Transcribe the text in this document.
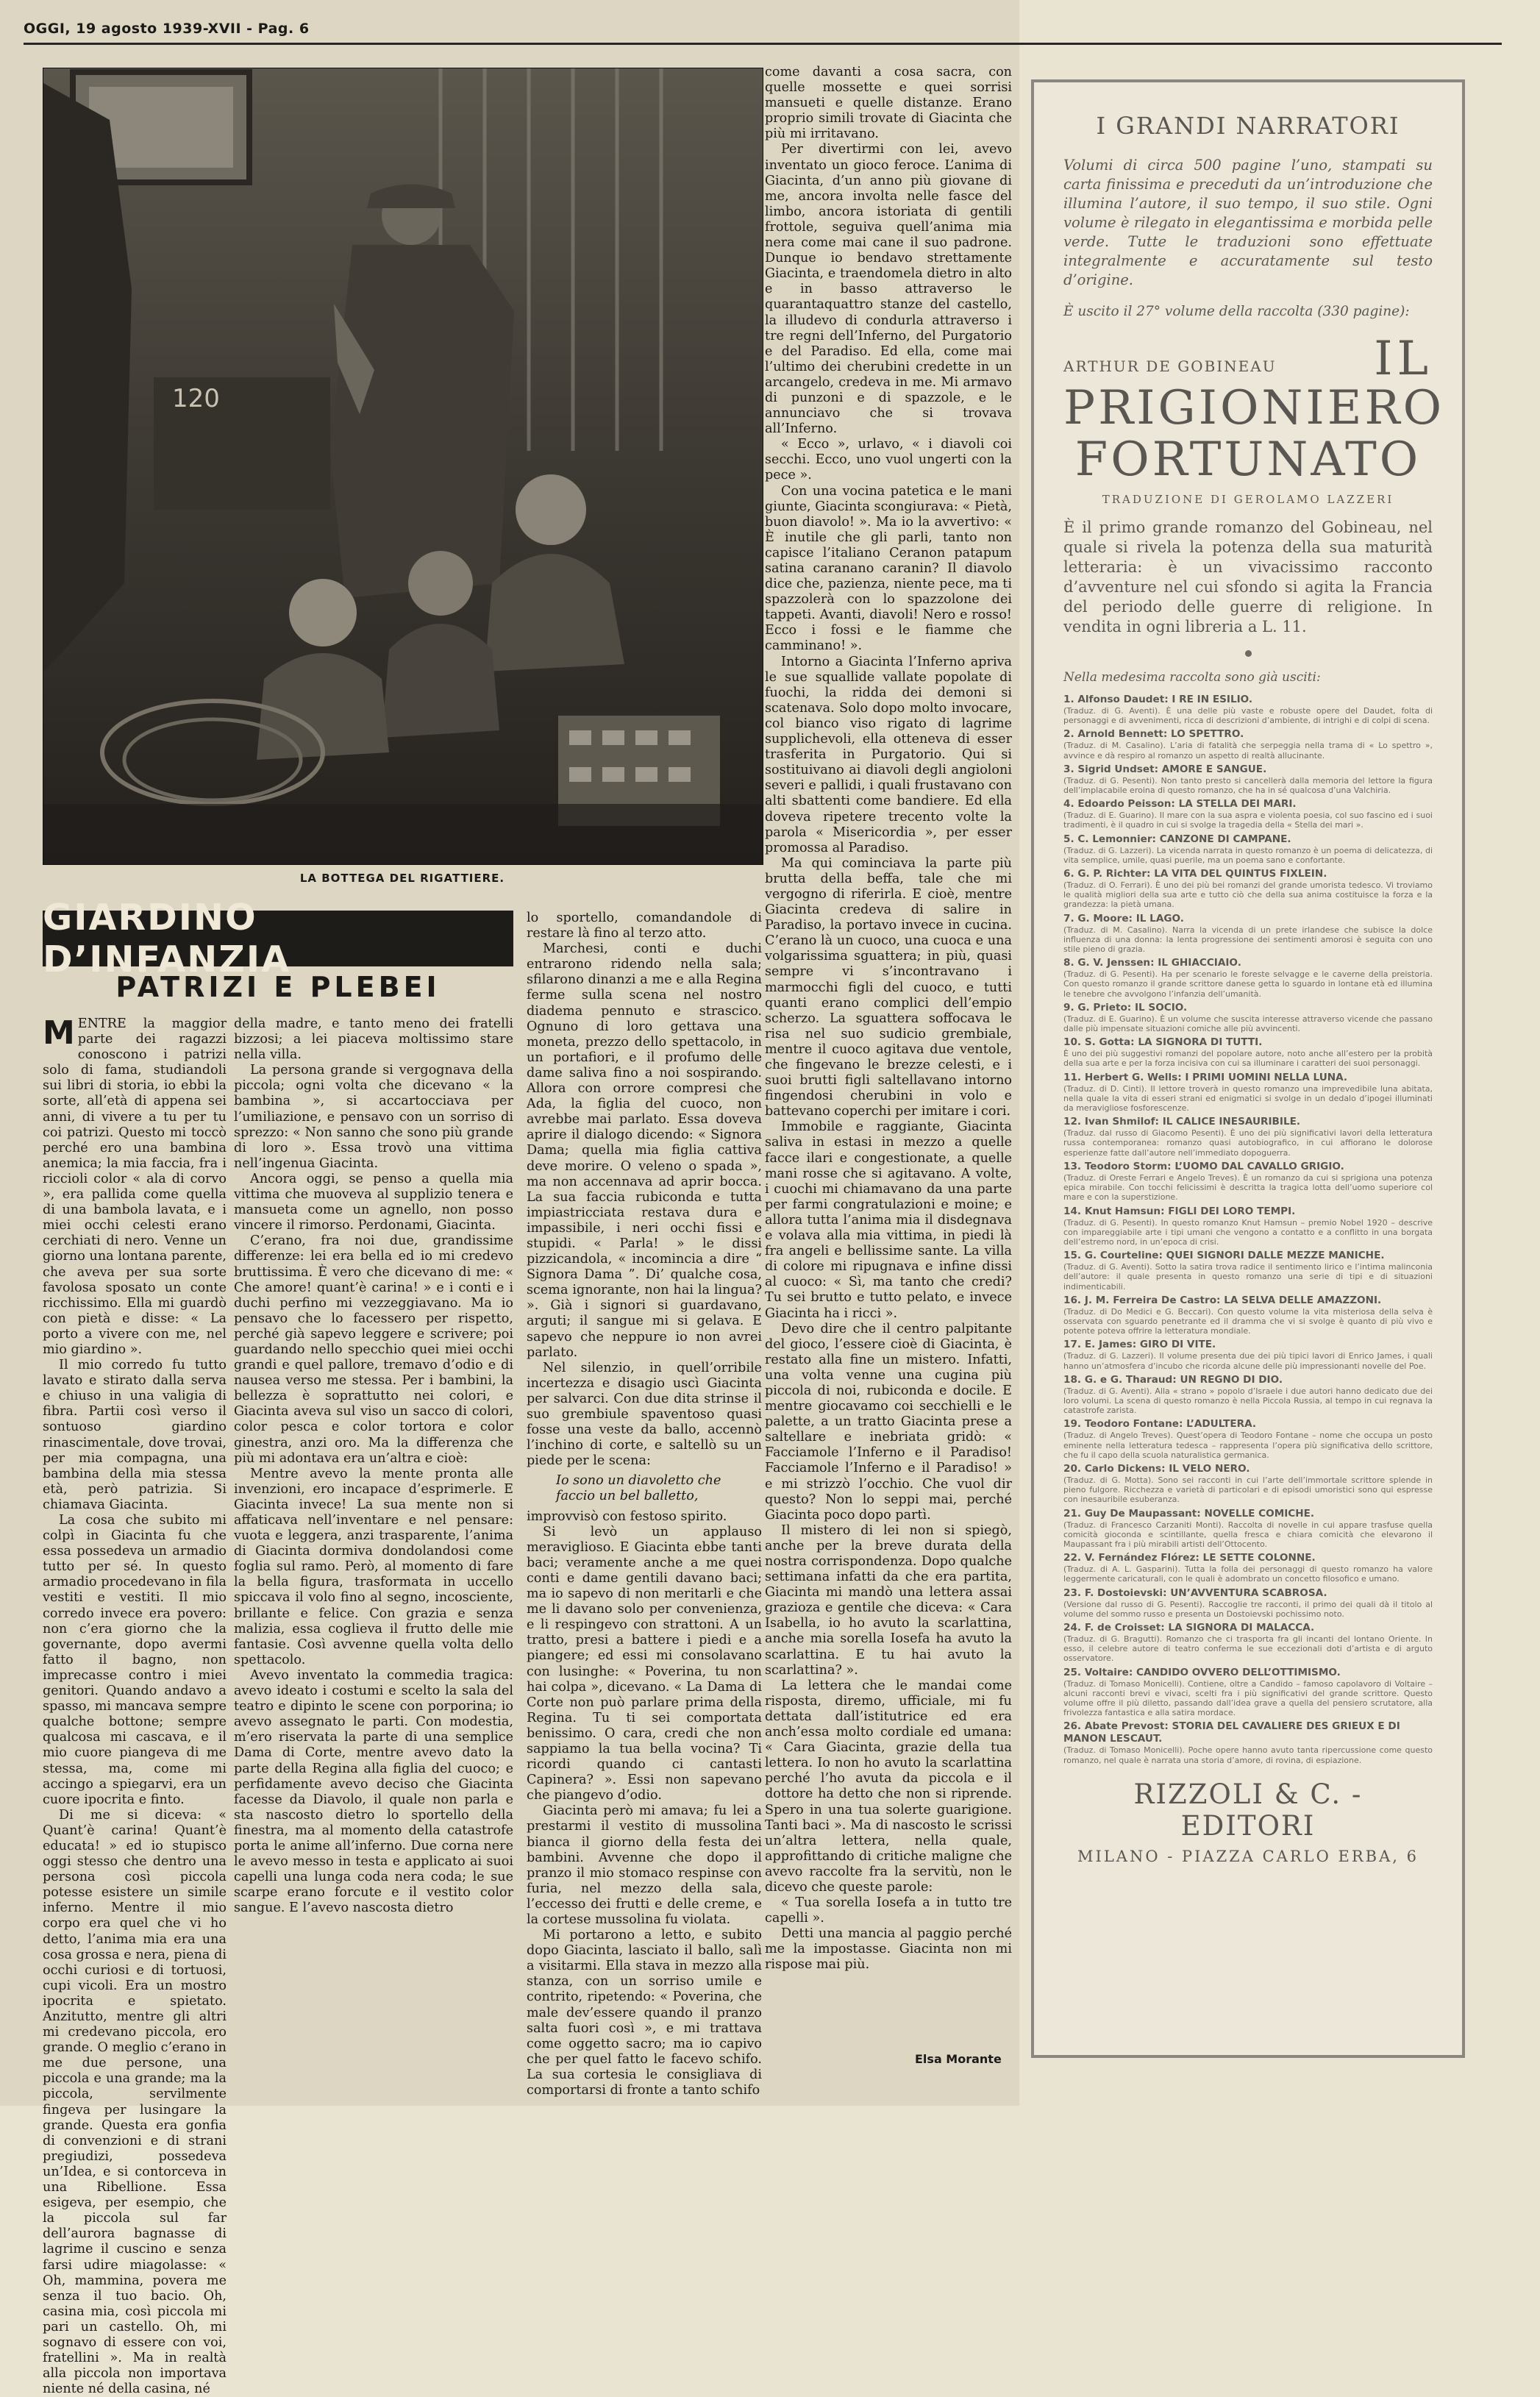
OGGI, 19 agosto 1939-XVII - Pag. 6
120
LA BOTTEGA DEL RIGATTIERE.
GIARDINO D’INFANZIA
PATRIZI E PLEBEI

MENTRE la maggior parte dei ragazzi conoscono i patrizi solo di fama, studiandoli sui libri di storia, io ebbi la sorte, all’età di appena sei anni, di vivere a tu per tu coi patrizi. Questo mi toccò perché ero una bambina anemica; la mia faccia, fra i riccioli color « ala di corvo », era pallida come quella di una bambola lavata, e i miei occhi celesti erano cerchiati di nero. Venne un giorno una lontana parente, che aveva per sua sorte favolosa sposato un conte ricchissimo. Ella mi guardò con pietà e disse: « La porto a vivere con me, nel mio giardino ».

Il mio corredo fu tutto lavato e stirato dalla serva e chiuso in una valigia di fibra. Partii così verso il sontuoso giardino rinascimentale, dove trovai, per mia compagna, una bambina della mia stessa età, però patrizia. Si chiamava Giacinta.

La cosa che subito mi colpì in Giacinta fu che essa possedeva un armadio tutto per sé. In questo armadio procedevano in fila vestiti e vestiti. Il mio corredo invece era povero: non c’era giorno che la governante, dopo avermi fatto il bagno, non imprecasse contro i miei genitori. Quando andavo a spasso, mi mancava sempre qualche bottone; sempre qualcosa mi cascava, e il mio cuore piangeva di me stessa, ma, come mi accingo a spiegarvi, era un cuore ipocrita e finto.

Di me si diceva: « Quant’è carina! Quant’è educata! » ed io stupisco oggi stesso che dentro una persona così piccola potesse esistere un simile inferno. Mentre il mio corpo era quel che vi ho detto, l’anima mia era una cosa grossa e nera, piena di occhi curiosi e di tortuosi, cupi vicoli. Era un mostro ipocrita e spietato. Anzitutto, mentre gli altri mi credevano piccola, ero grande. O meglio c’erano in me due persone, una piccola e una grande; ma la piccola, servilmente fingeva per lusingare la grande. Questa era gonfia di convenzioni e di strani pregiudizi, possedeva un’Idea, e si contorceva in una Ribellione. Essa esigeva, per esempio, che la piccola sul far dell’aurora bagnasse di lagrime il cuscino e senza farsi udire miagolasse: « Oh, mammina, povera me senza il tuo bacio. Oh, casina mia, così piccola mi pari un castello. Oh, mi sognavo di essere con voi, fratellini ». Ma in realtà alla piccola non importava niente né della casina, né

della madre, e tanto meno dei fratelli bizzosi; a lei piaceva moltissimo stare nella villa.

La persona grande si vergognava della piccola; ogni volta che dicevano « la bambina », si accartocciava per l’umiliazione, e pensavo con un sorriso di sprezzo: « Non sanno che sono più grande di loro ». Essa trovò una vittima nell’ingenua Giacinta.

Ancora oggi, se penso a quella mia vittima che muoveva al supplizio tenera e mansueta come un agnello, non posso vincere il rimorso. Perdonami, Giacinta.

C’erano, fra noi due, grandissime differenze: lei era bella ed io mi credevo bruttissima. È vero che dicevano di me: « Che amore! quant’è carina! » e i conti e i duchi perfino mi vezzeggiavano. Ma io pensavo che lo facessero per rispetto, perché già sapevo leggere e scrivere; poi guardando nello specchio quei miei occhi grandi e quel pallore, tremavo d’odio e di nausea verso me stessa. Per i bambini, la bellezza è soprattutto nei colori, e Giacinta aveva sul viso un sacco di colori, color pesca e color tortora e color ginestra, anzi oro. Ma la differenza che più mi adontava era un’altra e cioè:

Mentre avevo la mente pronta alle invenzioni, ero incapace d’esprimerle. E Giacinta invece! La sua mente non si affaticava nell’inventare e nel pensare: vuota e leggera, anzi trasparente, l’anima di Giacinta dormiva dondolandosi come foglia sul ramo. Però, al momento di fare la bella figura, trasformata in uccello spiccava il volo fino al segno, incosciente, brillante e felice. Con grazia e senza malizia, essa coglieva il frutto delle mie fantasie. Così avvenne quella volta dello spettacolo.

Avevo inventato la commedia tragica: avevo ideato i costumi e scelto la sala del teatro e dipinto le scene con porporina; io avevo assegnato le parti. Con modestia, m’ero riservata la parte di una semplice Dama di Corte, mentre avevo dato la parte della Regina alla figlia del cuoco; e perfidamente avevo deciso che Giacinta facesse da Diavolo, il quale non parla e sta nascosto dietro lo sportello della finestra, ma al momento della catastrofe porta le anime all’inferno. Due corna nere le avevo messo in testa e applicato ai suoi capelli una lunga coda nera coda; le sue scarpe erano forcute e il vestito color sangue. E l’avevo nascosta dietro

lo sportello, comandandole di restare là fino al terzo atto.

Marchesi, conti e duchi entrarono ridendo nella sala; sfilarono dinanzi a me e alla Regina ferme sulla scena nel nostro diadema pennuto e strascico. Ognuno di loro gettava una moneta, prezzo dello spettacolo, in un portafiori, e il profumo delle dame saliva fino a noi sospirando. Allora con orrore compresi che Ada, la figlia del cuoco, non avrebbe mai parlato. Essa doveva aprire il dialogo dicendo: « Signora Dama; quella mia figlia cattiva deve morire. O veleno o spada », ma non accennava ad aprir bocca. La sua faccia rubiconda e tutta impiastricciata restava dura e impassibile, i neri occhi fissi e stupidi. « Parla! » le dissi pizzicandola, « incomincia a dire “ Signora Dama ”. Di’ qualche cosa, scema ignorante, non hai la lingua? ». Già i signori si guardavano, arguti; il sangue mi si gelava. E sapevo che neppure io non avrei parlato.

Nel silenzio, in quell’orribile incertezza e disagio uscì Giacinta per salvarci. Con due dita strinse il suo grembiule spaventoso quasi fosse una veste da ballo, accennò l’inchino di corte, e saltellò su un piede per le scena:

Io sono un diavoletto che faccio un bel balletto,

improvvisò con festoso spirito.

Si levò un applauso meraviglioso. E Giacinta ebbe tanti baci; veramente anche a me quei conti e dame gentili davano baci; ma io sapevo di non meritarli e che me li davano solo per convenienza, e li respingevo con strattoni. A un tratto, presi a battere i piedi e a piangere; ed essi mi consolavano con lusinghe: « Poverina, tu non hai colpa », dicevano. « La Dama di Corte non può parlare prima della Regina. Tu ti sei comportata benissimo. O cara, credi che non sappiamo la tua bella vocina? Ti ricordi quando ci cantasti Capinera? ». Essi non sapevano che piangevo d’odio.

Giacinta però mi amava; fu lei a prestarmi il vestito di mussolina bianca il giorno della festa dei bambini. Avvenne che dopo il pranzo il mio stomaco respinse con furia, nel mezzo della sala, l’eccesso dei frutti e delle creme, e la cortese mussolina fu violata.

Mi portarono a letto, e subito dopo Giacinta, lasciato il ballo, salì a visitarmi. Ella stava in mezzo alla stanza, con un sorriso umile e contrito, ripetendo: « Poverina, che male dev’essere quando il pranzo salta fuori così », e mi trattava come oggetto sacro; ma io capivo che per quel fatto le facevo schifo. La sua cortesia le consigliava di comportarsi di fronte a tanto schifo

come davanti a cosa sacra, con quelle mossette e quei sorrisi mansueti e quelle distanze. Erano proprio simili trovate di Giacinta che più mi irritavano.

Per divertirmi con lei, avevo inventato un gioco feroce. L’anima di Giacinta, d’un anno più giovane di me, ancora involta nelle fasce del limbo, ancora istoriata di gentili frottole, seguiva quell’anima mia nera come mai cane il suo padrone. Dunque io bendavo strettamente Giacinta, e traendomela dietro in alto e in basso attraverso le quarantaquattro stanze del castello, la illudevo di condurla attraverso i tre regni dell’Inferno, del Purgatorio e del Paradiso. Ed ella, come mai l’ultimo dei cherubini credette in un arcangelo, credeva in me. Mi armavo di punzoni e di spazzole, e le annunciavo che si trovava all’Inferno.

« Ecco », urlavo, « i diavoli coi secchi. Ecco, uno vuol ungerti con la pece ».

Con una vocina patetica e le mani giunte, Giacinta scongiurava: « Pietà, buon diavolo! ». Ma io la avvertivo: « È inutile che gli parli, tanto non capisce l’italiano Ceranon patapum satina caranano caranin? Il diavolo dice che, pazienza, niente pece, ma ti spazzolerà con lo spazzolone dei tappeti. Avanti, diavoli! Nero e rosso! Ecco i fossi e le fiamme che camminano! ».

Intorno a Giacinta l’Inferno apriva le sue squallide vallate popolate di fuochi, la ridda dei demoni si scatenava. Solo dopo molto invocare, col bianco viso rigato di lagrime supplichevoli, ella otteneva di esser trasferita in Purgatorio. Qui si sostituivano ai diavoli degli angioloni severi e pallidi, i quali frustavano con alti sbattenti come bandiere. Ed ella doveva ripetere trecento volte la parola « Misericordia », per esser promossa al Paradiso.

Ma qui cominciava la parte più brutta della beffa, tale che mi vergogno di riferirla. E cioè, mentre Giacinta credeva di salire in Paradiso, la portavo invece in cucina. C’erano là un cuoco, una cuoca e una volgarissima sguattera; in più, quasi sempre vi s’incontravano i marmocchi figli del cuoco, e tutti quanti erano complici dell’empio scherzo. La sguattera soffocava le risa nel suo sudicio grembiale, mentre il cuoco agitava due ventole, che fingevano le brezze celesti, e i suoi brutti figli saltellavano intorno fingendosi cherubini in volo e battevano coperchi per imitare i cori.

Immobile e raggiante, Giacinta saliva in estasi in mezzo a quelle facce ilari e congestionate, a quelle mani rosse che si agitavano. A volte, i cuochi mi chiamavano da una parte per farmi congratulazioni e moine; e allora tutta l’anima mia il disdegnava e volava alla mia vittima, in piedi là fra angeli e bellissime sante. La villa di colore mi ripugnava e infine dissi al cuoco: « Sì, ma tanto che credi? Tu sei brutto e tutto pelato, e invece Giacinta ha i ricci ».

Devo dire che il centro palpitante del gioco, l’essere cioè di Giacinta, è restato alla fine un mistero. Infatti, una volta venne una cugina più piccola di noi, rubiconda e docile. E mentre giocavamo coi secchielli e le palette, a un tratto Giacinta prese a saltellare e inebriata gridò: « Facciamole l’Inferno e il Paradiso! Facciamole l’Inferno e il Paradiso! » e mi strizzò l’occhio. Che vuol dir questo? Non lo seppi mai, perché Giacinta poco dopo partì.

Il mistero di lei non si spiegò, anche per la breve durata della nostra corrispondenza. Dopo qualche settimana infatti da che era partita, Giacinta mi mandò una lettera assai grazioza e gentile che diceva: « Cara Isabella, io ho avuto la scarlattina, anche mia sorella Iosefa ha avuto la scarlattina. E tu hai avuto la scarlattina? ».

La lettera che le mandai come risposta, diremo, ufficiale, mi fu dettata dall’istitutrice ed era anch’essa molto cordiale ed umana: « Cara Giacinta, grazie della tua lettera. Io non ho avuto la scarlattina perché l’ho avuta da piccola e il dottore ha detto che non si riprende. Spero in una tua solerte guarigione. Tanti baci ». Ma di nascosto le scrissi un’altra lettera, nella quale, approfittando di critiche maligne che avevo raccolte fra la servitù, non le dicevo che queste parole:

« Tua sorella Iosefa a in tutto tre capelli ».

Detti una mancia al paggio perché me la impostasse. Giacinta non mi rispose mai più.

Elsa Morante
I GRANDI NARRATORI

Volumi di circa 500 pagine l’uno, stampati su carta finissima e preceduti da un’introduzione che illumina l’autore, il suo tempo, il suo stile. Ogni volume è rilegato in elegantissima e morbida pelle verde. Tutte le traduzioni sono effettuate integralmente e accuratamente sul testo d’origine.

È uscito il 27° volume della raccolta (330 pagine):
ARTHUR DE GOBINEAU IL
PRIGIONIERO
FORTUNATO
TRADUZIONE DI GEROLAMO LAZZERI

È il primo grande romanzo del Gobineau, nel quale si rivela la potenza della sua maturità letteraria: è un vivacissimo racconto d’avventure nel cui sfondo si agita la Francia del periodo delle guerre di religione. In vendita in ogni libreria a L. 11.

Nella medesima raccolta sono già usciti:
1. Alfonso Daudet: I RE IN ESILIO.
(Traduz. di G. Aventi). È una delle più vaste e robuste opere del Daudet, folta di personaggi e di avvenimenti, ricca di descrizioni d’ambiente, di intrighi e di colpi di scena.
2. Arnold Bennett: LO SPETTRO.
(Traduz. di M. Casalino). L’aria di fatalità che serpeggia nella trama di « Lo spettro », avvince e dà respiro al romanzo un aspetto di realtà allucinante.
3. Sigrid Undset: AMORE E SANGUE.
(Traduz. di G. Pesenti). Non tanto presto si cancellerà dalla memoria del lettore la figura dell’implacabile eroina di questo romanzo, che ha in sé qualcosa d’una Valchiria.
4. Edoardo Peisson: LA STELLA DEI MARI.
(Traduz. di E. Guarino). Il mare con la sua aspra e violenta poesia, col suo fascino ed i suoi tradimenti, è il quadro in cui si svolge la tragedia della « Stella dei mari ».
5. C. Lemonnier: CANZONE DI CAMPANE.
(Traduz. di G. Lazzeri). La vicenda narrata in questo romanzo è un poema di delicatezza, di vita semplice, umile, quasi puerile, ma un poema sano e confortante.
6. G. P. Richter: LA VITA DEL QUINTUS FIXLEIN.
(Traduz. di O. Ferrari). È uno dei più bei romanzi del grande umorista tedesco. Vi troviamo le qualità migliori della sua arte e tutto ciò che della sua anima costituisce la forza e la grandezza: la pietà umana.
7. G. Moore: IL LAGO.
(Traduz. di M. Casalino). Narra la vicenda di un prete irlandese che subisce la dolce influenza di una donna: la lenta progressione dei sentimenti amorosi è seguita con uno stile pieno di grazia.
8. G. V. Jenssen: IL GHIACCIAIO.
(Traduz. di G. Pesenti). Ha per scenario le foreste selvagge e le caverne della preistoria. Con questo romanzo il grande scrittore danese getta lo sguardo in lontane età ed illumina le tenebre che avvolgono l’infanzia dell’umanità.
9. G. Prieto: IL SOCIO.
(Traduz. di E. Guarino). È un volume che suscita interesse attraverso vicende che passano dalle più impensate situazioni comiche alle più avvincenti.
10. S. Gotta: LA SIGNORA DI TUTTI.
È uno dei più suggestivi romanzi del popolare autore, noto anche all’estero per la probità della sua arte e per la forza incisiva con cui sa illuminare i caratteri dei suoi personaggi.
11. Herbert G. Wells: I PRIMI UOMINI NELLA LUNA.
(Traduz. di D. Cinti). Il lettore troverà in questo romanzo una imprevedibile luna abitata, nella quale la vita di esseri strani ed enigmatici si svolge in un dedalo d’ipogei illuminati da meravigliose fosforescenze.
12. Ivan Shmilof: IL CALICE INESAURIBILE.
(Traduz. dal russo di Giacomo Pesenti). È uno dei più significativi lavori della letteratura russa contemporanea: romanzo quasi autobiografico, in cui affiorano le dolorose esperienze fatte dall’autore nell’immediato dopoguerra.
13. Teodoro Storm: L’UOMO DAL CAVALLO GRIGIO.
(Traduz. di Oreste Ferrari e Angelo Treves). È un romanzo da cui si sprigiona una potenza epica mirabile. Con tocchi felicissimi è descritta la tragica lotta dell’uomo superiore col mare e con la superstizione.
14. Knut Hamsun: FIGLI DEI LORO TEMPI.
(Traduz. di G. Pesenti). In questo romanzo Knut Hamsun – premio Nobel 1920 – descrive con impareggiabile arte i tipi umani che vengono a contatto e a conflitto in una borgata dell’estremo nord, in un’epoca di crisi.
15. G. Courteline: QUEI SIGNORI DALLE MEZZE MANICHE.
(Traduz. di G. Aventi). Sotto la satira trova radice il sentimento lirico e l’intima malinconia dell’autore: il quale presenta in questo romanzo una serie di tipi e di situazioni indimenticabili.
16. J. M. Ferreira De Castro: LA SELVA DELLE AMAZZONI.
(Traduz. di Do Medici e G. Beccari). Con questo volume la vita misteriosa della selva è osservata con sguardo penetrante ed il dramma che vi si svolge è quanto di più vivo e potente poteva offrire la letteratura mondiale.
17. E. James: GIRO DI VITE.
(Traduz. di G. Lazzeri). Il volume presenta due dei più tipici lavori di Enrico James, i quali hanno un’atmosfera d’incubo che ricorda alcune delle più impressionanti novelle del Poe.
18. G. e G. Tharaud: UN REGNO DI DIO.
(Traduz. di G. Aventi). Alla « strano » popolo d’Israele i due autori hanno dedicato due dei loro volumi. La scena di questo romanzo è nella Piccola Russia, al tempo in cui regnava la catastrofe zarista.
19. Teodoro Fontane: L’ADULTERA.
(Traduz. di Angelo Treves). Quest’opera di Teodoro Fontane – nome che occupa un posto eminente nella letteratura tedesca – rappresenta l’opera più significativa dello scrittore, che fu il capo della scuola naturalistica germanica.
20. Carlo Dickens: IL VELO NERO.
(Traduz. di G. Motta). Sono sei racconti in cui l’arte dell’immortale scrittore splende in pieno fulgore. Ricchezza e varietà di particolari e di episodi umoristici sono qui espresse con inesauribile esuberanza.
21. Guy De Maupassant: NOVELLE COMICHE.
(Traduz. di Francesco Carzaniti Monti). Raccolta di novelle in cui appare trasfuse quella comicità gioconda e scintillante, quella fresca e chiara comicità che elevarono il Maupassant fra i più mirabili artisti dell’Ottocento.
22. V. Fernández Flórez: LE SETTE COLONNE.
(Traduz. di A. L. Gasparini). Tutta la folla dei personaggi di questo romanzo ha valore leggermente caricaturali, con le quali è adombrato un concetto filosofico e umano.
23. F. Dostoievski: UN’AVVENTURA SCABROSA.
(Versione dal russo di G. Pesenti). Raccoglie tre racconti, il primo dei quali dà il titolo al volume del sommo russo e presenta un Dostoievski pochissimo noto.
24. F. de Croisset: LA SIGNORA DI MALACCA.
(Traduz. di G. Bragutti). Romanzo che ci trasporta fra gli incanti del lontano Oriente. In esso, il celebre autore di teatro conferma le sue eccezionali doti d’artista e di arguto osservatore.
25. Voltaire: CANDIDO OVVERO DELL’OTTIMISMO.
(Traduz. di Tomaso Monicelli). Contiene, oltre a Candido – famoso capolavoro di Voltaire – alcuni racconti brevi e vivaci, scelti fra i più significativi del grande scrittore. Questo volume offre il più diletto, passando dall’idea grave a quella del pensiero scrutatore, alla frivolezza fantastica e alla satira mordace.
26. Abate Prevost: STORIA DEL CAVALIERE DES GRIEUX E DI MANON LESCAUT.
(Traduz. di Tomaso Monicelli). Poche opere hanno avuto tanta ripercussione come questo romanzo, nel quale è narrata una storia d’amore, di rovina, di espiazione.
RIZZOLI & C. - EDITORI
MILANO - PIAZZA CARLO ERBA, 6
